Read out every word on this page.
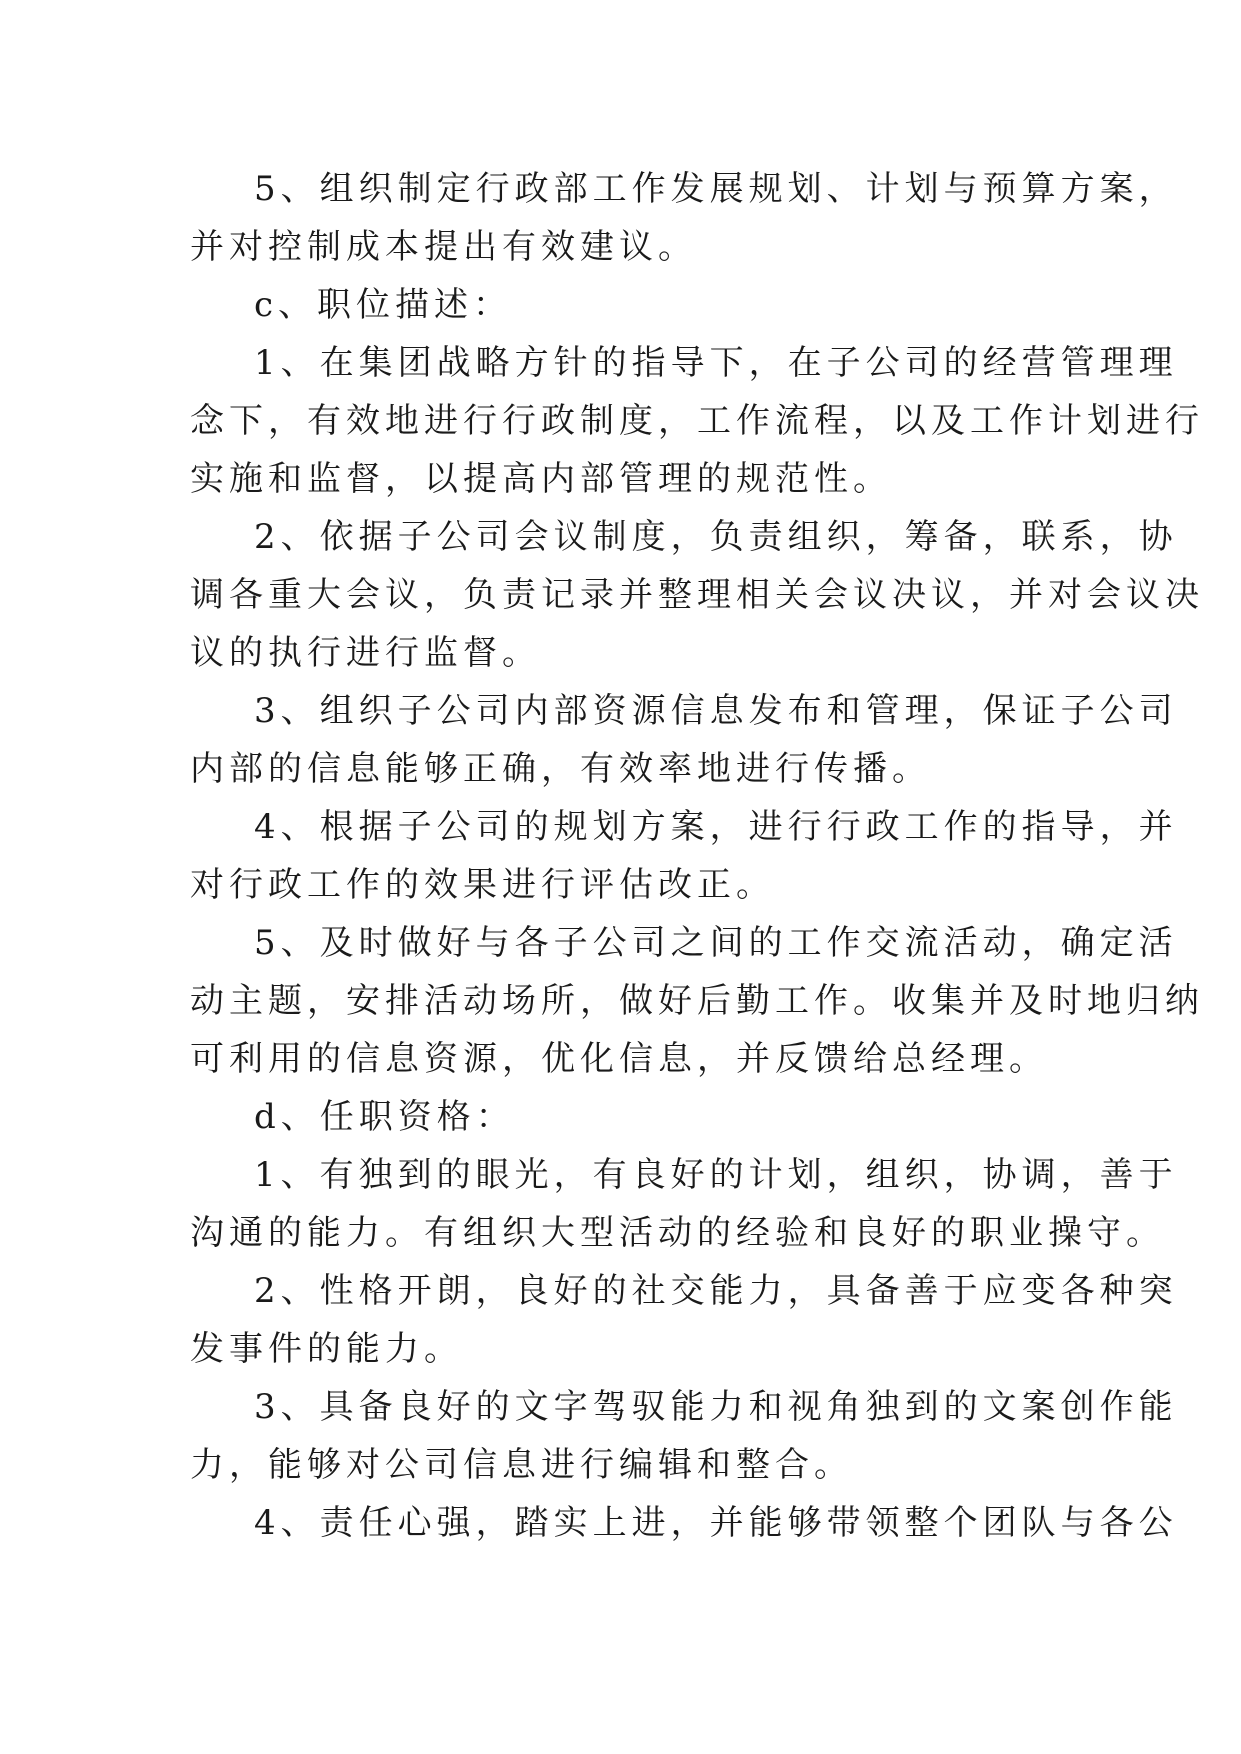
5、组织制定行政部工作发展规划、计划与预算方案，
并对控制成本提出有效建议。
c、职位描述：
1、在集团战略方针的指导下，在子公司的经营管理理
念下，有效地进行行政制度，工作流程，以及工作计划进行
实施和监督，以提高内部管理的规范性。
2、依据子公司会议制度，负责组织，筹备，联系，协
调各重大会议，负责记录并整理相关会议决议，并对会议决
议的执行进行监督。
3、组织子公司内部资源信息发布和管理，保证子公司
内部的信息能够正确，有效率地进行传播。
4、根据子公司的规划方案，进行行政工作的指导，并
对行政工作的效果进行评估改正。
5、及时做好与各子公司之间的工作交流活动，确定活
动主题，安排活动场所，做好后勤工作。收集并及时地归纳
可利用的信息资源，优化信息，并反馈给总经理。
d、任职资格：
1、有独到的眼光，有良好的计划，组织，协调，善于
沟通的能力。有组织大型活动的经验和良好的职业操守。
2、性格开朗，良好的社交能力，具备善于应变各种突
发事件的能力。
3、具备良好的文字驾驭能力和视角独到的文案创作能
力，能够对公司信息进行编辑和整合。
4、责任心强，踏实上进，并能够带领整个团队与各公
